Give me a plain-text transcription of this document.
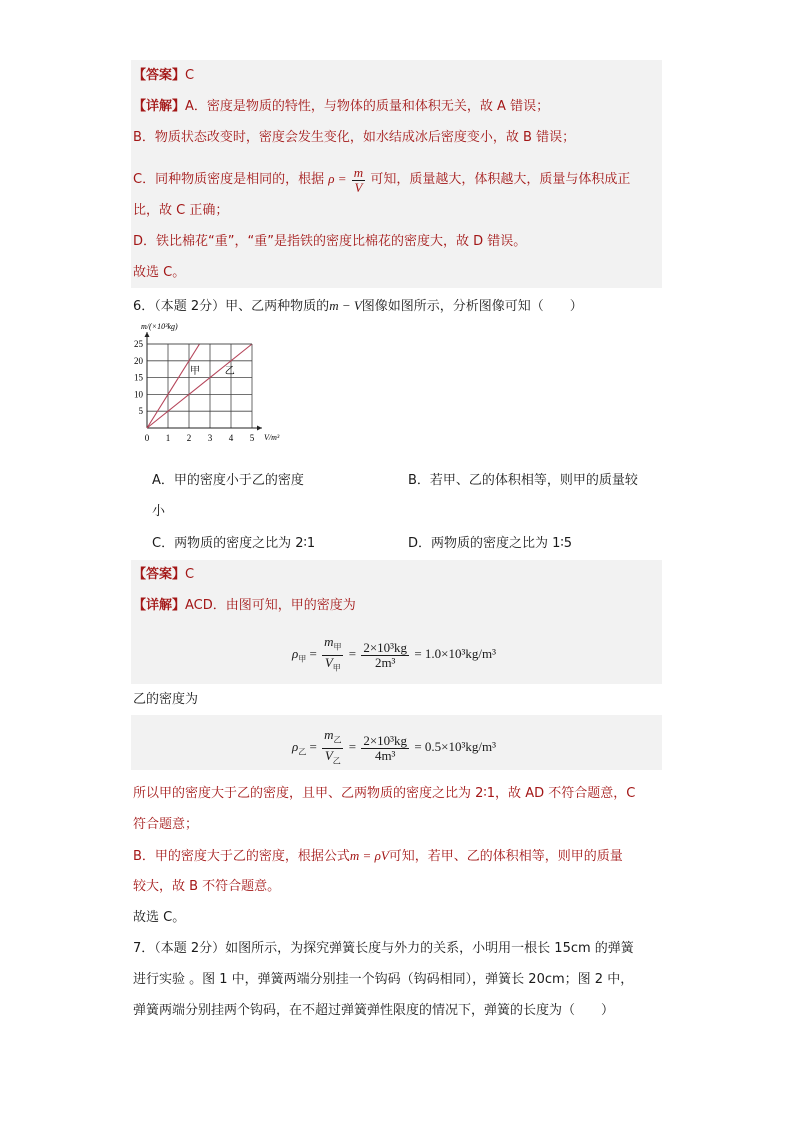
【答案】C
【详解】A．密度是物质的特性，与物体的质量和体积无关，故 A 错误；
B．物质状态改变时，密度会发生变化，如水结成冰后密度变小，故 B 错误；
C．同种物质密度是相同的，根据 $\rho = \frac{m}{V}$ 可知，质量越大，体积越大，质量与体积成正
比，故 C 正确；
D．铁比棉花“重”，“重”是指铁的密度比棉花的密度大，故 D 错误。
故选 C。
6．（本题 2分）甲、乙两种物质的m − V图像如图所示，分析图像可知（　　）
0 1 2 3 4 5
5
10
15
20
25
m/(×10³kg)
V/m³
甲 乙
A．甲的密度小于乙的密度	B．若甲、乙的体积相等，则甲的质量较
小
C．两物质的密度之比为 2∶1	D．两物质的密度之比为 1∶5
【答案】C
【详解】ACD．由图可知，甲的密度为
$\rho_甲 = \frac{m_甲}{V_甲} = \frac{\text{2×10³kg}}{\text{2m³}} = 1.0\times 10^3kg/m^3$
乙的密度为
$\rho_乙 = \frac{m_乙}{V_乙} = \frac{\text{2×10³kg}}{\text{4m³}} = 0.5\times 10^3kg/m^3$
所以甲的密度大于乙的密度，且甲、乙两物质的密度之比为 2∶1，故 AD 不符合题意，C
符合题意；
B．甲的密度大于乙的密度，根据公式m = ρV可知，若甲、乙的体积相等，则甲的质量
较大，故 B 不符合题意。
故选 C。
7．（本题 2分）如图所示，为探究弹簧长度与外力的关系，小明用一根长 15cm 的弹簧
进行实验 。图 1 中，弹簧两端分别挂一个钩码（钩码相同），弹簧长 20cm；图 2 中，
弹簧两端分别挂两个钩码，在不超过弹簧弹性限度的情况下，弹簧的长度为（　　）
